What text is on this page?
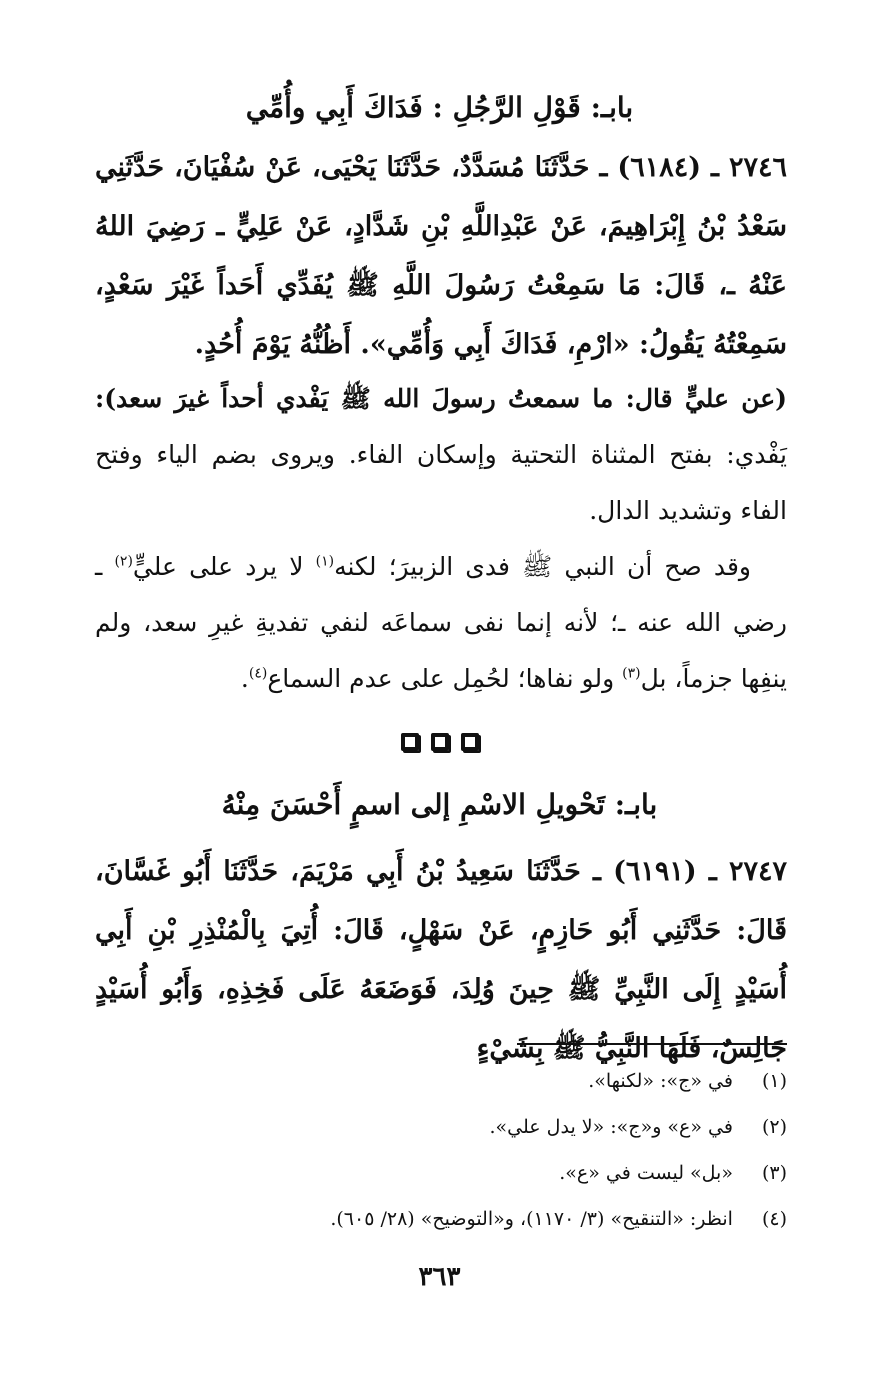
بابـ: قَوْلِ الرَّجُلِ : فَدَاكَ أَبِي وأُمِّي

٢٧٤٦ ـ (٦١٨٤) ـ حَدَّثَنَا مُسَدَّدٌ، حَدَّثَنَا يَحْيَى، عَنْ سُفْيَانَ، حَدَّثَنِي سَعْدُ بْنُ إِبْرَاهِيمَ، عَنْ عَبْدِاللَّهِ بْنِ شَدَّادٍ، عَنْ عَلِيٍّ ـ رَضِيَ اللهُ عَنْهُ ـ، قَالَ: مَا سَمِعْتُ رَسُولَ اللَّهِ ﷺ يُفَدِّي أَحَداً غَيْرَ سَعْدٍ، سَمِعْتُهُ يَقُولُ: «ارْمِ، فَدَاكَ أَبِي وَأُمِّي». أَظُنُّهُ يَوْمَ أُحُدٍ.

(عن عليٍّ قال: ما سمعتُ رسولَ الله ﷺ يَفْدي أحداً غيرَ سعد): يَفْدي: بفتح المثناة التحتية وإسكان الفاء. ويروى بضم الياء وفتح الفاء وتشديد الدال.
وقد صح أن النبي ﷺ فدى الزبيرَ؛ لكنه$^{(١)}$ لا يرد على عليٍّ$^{(٢)}$ ـ رضي الله عنه ـ؛ لأنه إنما نفى سماعَه لنفي تفديةِ غيرِ سعد، ولم ينفِها جزماً، بل$^{(٣)}$ ولو نفاها؛ لحُمِل على عدم السماع$^{(٤)}$.
بابـ: تَحْويلِ الاسْمِ إلى اسمٍ أَحْسَنَ مِنْهُ

٢٧٤٧ ـ (٦١٩١) ـ حَدَّثَنَا سَعِيدُ بْنُ أَبِي مَرْيَمَ، حَدَّثَنَا أَبُو غَسَّانَ، قَالَ: حَدَّثَنِي أَبُو حَازِمٍ، عَنْ سَهْلٍ، قَالَ: أُتِيَ بِالْمُنْذِرِ بْنِ أَبِي أُسَيْدٍ إِلَى النَّبِيِّ ﷺ حِينَ وُلِدَ، فَوَضَعَهُ عَلَى فَخِذِهِ، وَأَبُو أُسَيْدٍ جَالِسٌ، فَلَهَا النَّبِيُّ ﷺ بِشَيْءٍ

(١) في «ج»: «لكنها».
(٢) في «ع» و«ج»: «لا يدل علي».
(٣) «بل» ليست في «ع».
(٤) انظر: «التنقيح» (٣/ ١١٧٠)، و«التوضيح» (٢٨/ ٦٠٥).
٣٦٣
